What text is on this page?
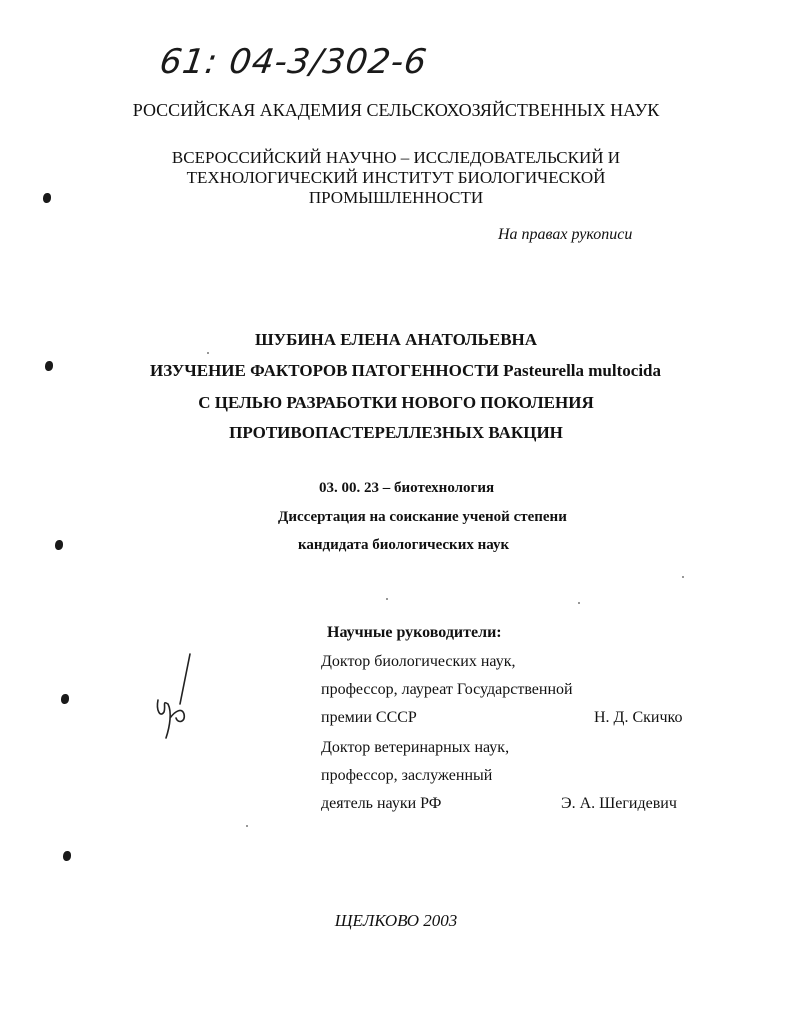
61: 04-3/302-6
РОССИЙСКАЯ АКАДЕМИЯ СЕЛЬСКОХОЗЯЙСТВЕННЫХ НАУК
ВСЕРОССИЙСКИЙ НАУЧНО – ИССЛЕДОВАТЕЛЬСКИЙ И
ТЕХНОЛОГИЧЕСКИЙ ИНСТИТУТ БИОЛОГИЧЕСКОЙ
ПРОМЫШЛЕННОСТИ
На правах рукописи
ШУБИНА ЕЛЕНА АНАТОЛЬЕВНА
ИЗУЧЕНИЕ ФАКТОРОВ ПАТОГЕННОСТИ Pasteurella multocida
С ЦЕЛЬЮ РАЗРАБОТКИ НОВОГО ПОКОЛЕНИЯ
ПРОТИВОПАСТЕРЕЛЛЕЗНЫХ ВАКЦИН
03. 00. 23 – биотехнология
Диссертация на соискание ученой степени
кандидата биологических наук
Научные руководители:
Доктор биологических наук,
профессор, лауреат Государственной
премии СССР	Н. Д. Скичко
Доктор ветеринарных наук,
профессор, заслуженный
деятель науки РФ	Э. А. Шегидевич
ЩЕЛКОВО 2003
